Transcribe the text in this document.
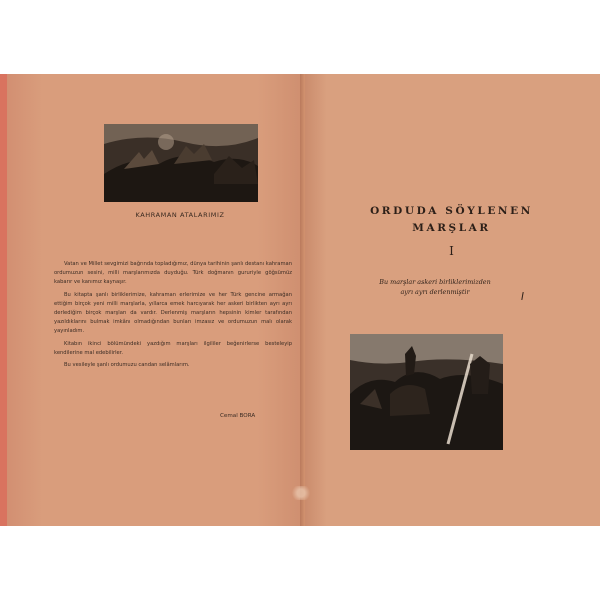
KAHRAMAN ATALARIMIZ

Vatan ve Millet sevgimizi bağrında topladığımız, dünya tarihinin şanlı destanı kahraman ordumuzun sesini, milli marşlarımızda duyduğu. Türk doğmanın gururiyle göğsümüz kabarır ve kanımız kaynaşır.

Bu kitapta şanlı birliklerimize, kahraman erlerimize ve her Türk gencine armağan ettiğim birçok yeni milli marşlarla, yıllarca emek harcıyarak her askeri birlikten ayrı ayrı derlediğim birçok marşları da vardır. Derlenmiş marşların hepsinin kimler tarafından yazıldıklarını bulmak imkânı olmadığından bunları imzasız ve ordumuzun malı olarak yayınladım.

Kitabın ikinci bölümündeki yazdığım marşları ilgililer beğenirlerse besteleyip kendilerine mal edebilirler.

Bu vesileyle şanlı ordumuzu candan selâmlarım.

Cemal BORA
ORDUDA SÖYLENEN
MARŞLAR
I
Bu marşlar askeri birliklerimizden
ayrı ayrı derlenmiştir
